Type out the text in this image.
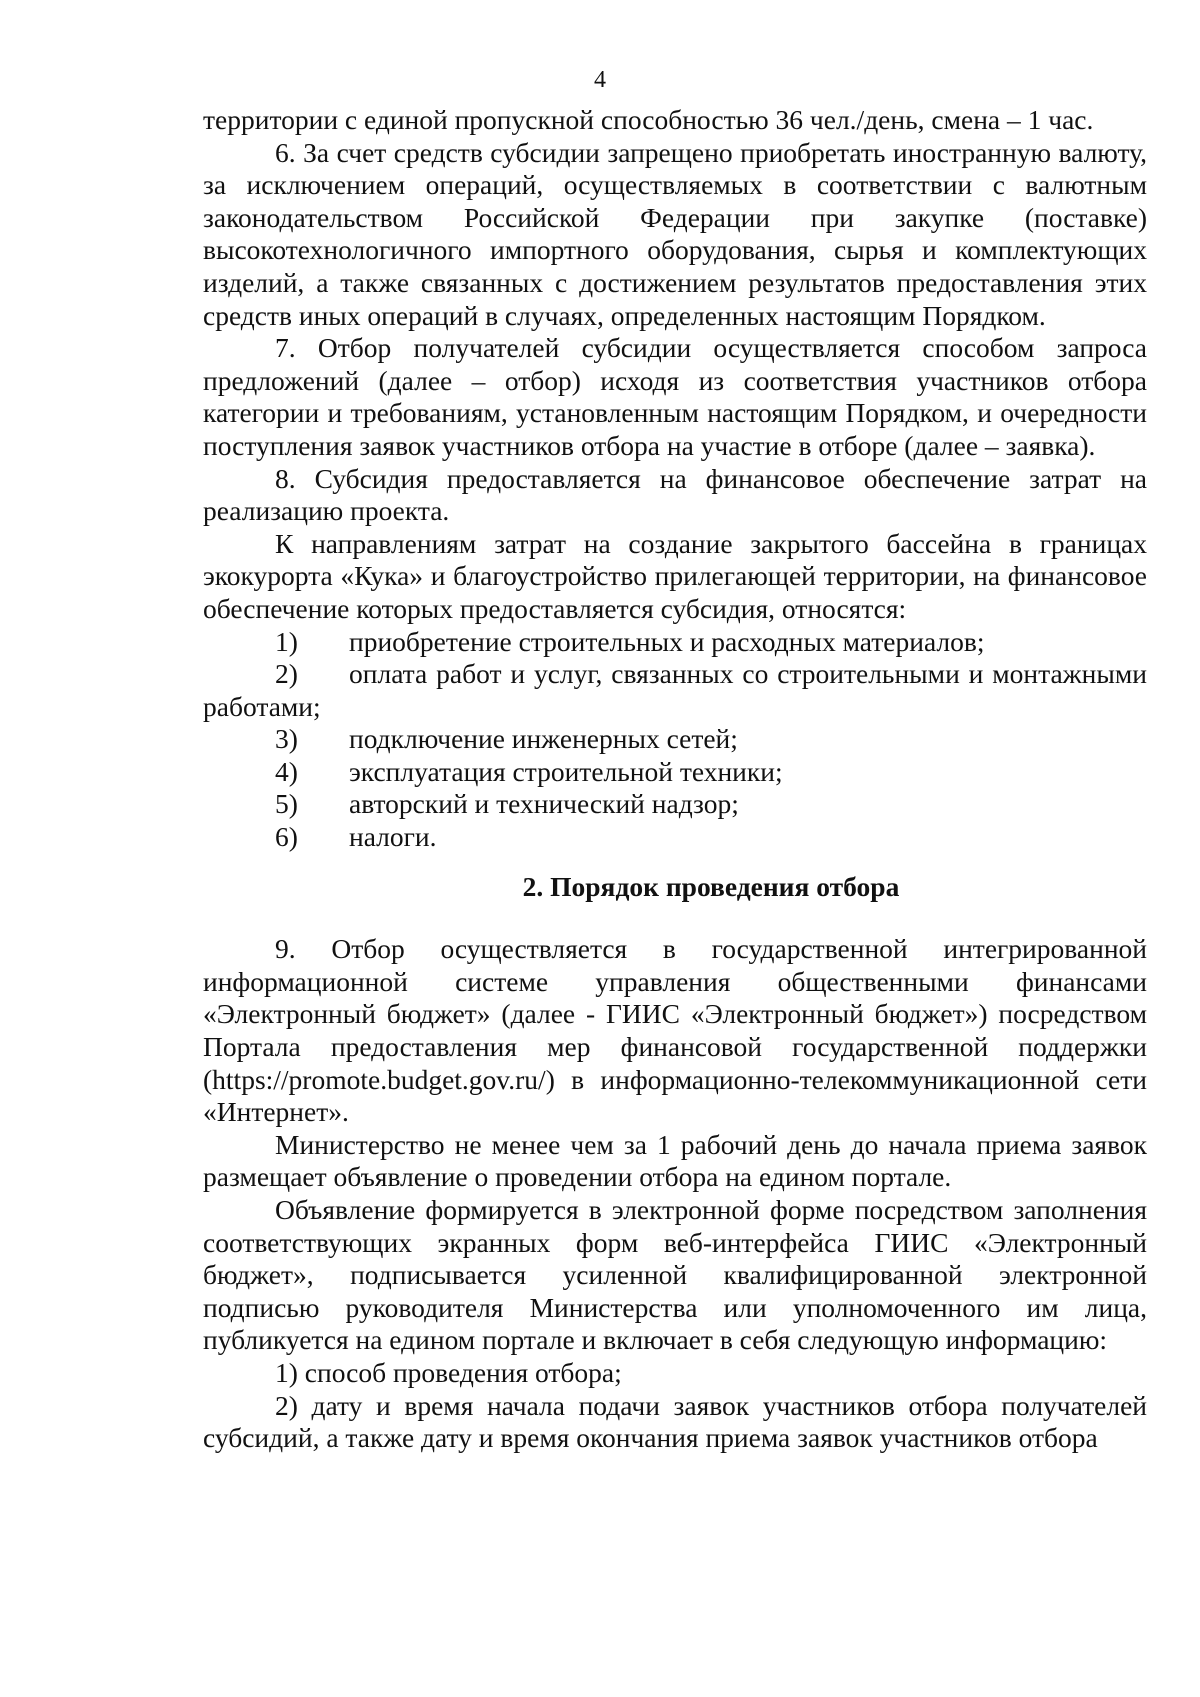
4

территории с единой пропускной способностью 36 чел./день, смена – 1 час.

6. За счет средств субсидии запрещено приобретать иностранную валюту, за исключением операций, осуществляемых в соответствии с валютным законодательством Российской Федерации при закупке (поставке) высокотехнологичного импортного оборудования, сырья и комплектующих изделий, а также связанных с достижением результатов предоставления этих средств иных операций в случаях, определенных настоящим Порядком.

7. Отбор получателей субсидии осуществляется способом запроса предложений (далее – отбор) исходя из соответствия участников отбора категории и требованиям, установленным настоящим Порядком, и очередности поступления заявок участников отбора на участие в отборе (далее – заявка).

8. Субсидия предоставляется на финансовое обеспечение затрат на реализацию проекта.

К направлениям затрат на создание закрытого бассейна в границах экокурорта «Кука» и благоустройство прилегающей территории, на финансовое обеспечение которых предоставляется субсидия, относятся:

1)	приобретение строительных и расходных материалов;

2) оплата работ и услуг, связанных со строительными и монтажными работами;

3)	подключение инженерных сетей;
4)	эксплуатация строительной техники;
5)	авторский и технический надзор;
6)	налоги.
2. Порядок проведения отбора

9. Отбор осуществляется в государственной интегрированной информационной системе управления общественными финансами «Электронный бюджет» (далее - ГИИС «Электронный бюджет») посредством Портала предоставления мер финансовой государственной поддержки (https://promote.budget.gov.ru/) в информационно-телекоммуникационной сети «Интернет».

Министерство не менее чем за 1 рабочий день до начала приема заявок размещает объявление о проведении отбора на едином портале.

Объявление формируется в электронной форме посредством заполнения соответствующих экранных форм веб-интерфейса ГИИС «Электронный бюджет», подписывается усиленной квалифицированной электронной подписью руководителя Министерства или уполномоченного им лица, публикуется на едином портале и включает в себя следующую информацию:

1) способ проведения отбора;

2) дату и время начала подачи заявок участников отбора получателей субсидий, а также дату и время окончания приема заявок участников отбора
